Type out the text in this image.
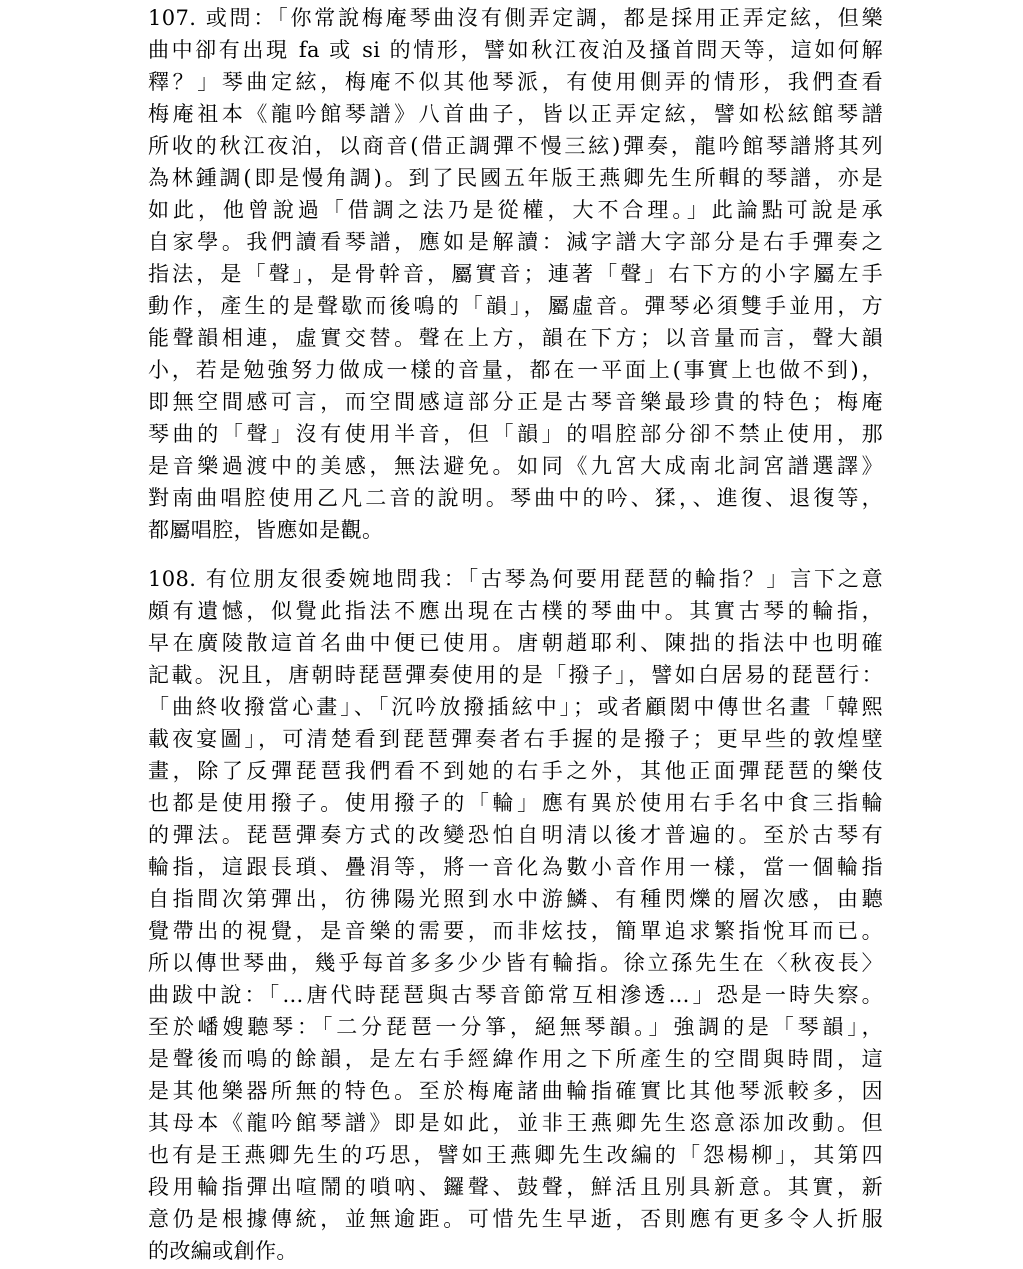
107. 或問：「你常說梅庵琴曲沒有側弄定調，都是採用正弄定絃，但樂
曲中卻有出現 fa 或 si 的情形，譬如秋江夜泊及搔首問天等，這如何解
釋？」琴曲定絃，梅庵不似其他琴派，有使用側弄的情形，我們查看
梅庵祖本《龍吟館琴譜》八首曲子，皆以正弄定絃，譬如松絃館琴譜
所收的秋江夜泊，以商音(借正調彈不慢三絃)彈奏，龍吟館琴譜將其列
為林鍾調(即是慢角調)。到了民國五年版王燕卿先生所輯的琴譜，亦是
如此，他曾說過「借調之法乃是從權，大不合理。」此論點可說是承
自家學。我們讀看琴譜，應如是解讀：減字譜大字部分是右手彈奏之
指法，是「聲」，是骨幹音，屬實音；連著「聲」右下方的小字屬左手
動作，產生的是聲歇而後鳴的「韻」，屬虛音。彈琴必須雙手並用，方
能聲韻相連，虛實交替。聲在上方，韻在下方；以音量而言，聲大韻
小，若是勉強努力做成一樣的音量，都在一平面上(事實上也做不到)，
即無空間感可言，而空間感這部分正是古琴音樂最珍貴的特色；梅庵
琴曲的「聲」沒有使用半音，但「韻」的唱腔部分卻不禁止使用，那
是音樂過渡中的美感，無法避免。如同《九宮大成南北詞宮譜選譯》
對南曲唱腔使用乙凡二音的說明。琴曲中的吟、猱，、進復、退復等，
都屬唱腔，皆應如是觀。
108. 有位朋友很委婉地問我：「古琴為何要用琵琶的輪指？」言下之意
頗有遺憾，似覺此指法不應出現在古樸的琴曲中。其實古琴的輪指，
早在廣陵散這首名曲中便已使用。唐朝趙耶利、陳拙的指法中也明確
記載。況且，唐朝時琵琶彈奏使用的是「撥子」，譬如白居易的琵琶行：
「曲終收撥當心畫」、「沉吟放撥插絃中」；或者顧閎中傳世名畫「韓熙
載夜宴圖」，可清楚看到琵琶彈奏者右手握的是撥子；更早些的敦煌壁
畫，除了反彈琵琶我們看不到她的右手之外，其他正面彈琵琶的樂伎
也都是使用撥子。使用撥子的「輪」應有異於使用右手名中食三指輪
的彈法。琵琶彈奏方式的改變恐怕自明清以後才普遍的。至於古琴有
輪指，這跟長瑣、疊涓等，將一音化為數小音作用一樣，當一個輪指
自指間次第彈出，彷彿陽光照到水中游鱗、有種閃爍的層次感，由聽
覺帶出的視覺，是音樂的需要，而非炫技，簡單追求繁指悅耳而已。
所以傳世琴曲，幾乎每首多多少少皆有輪指。徐立孫先生在〈秋夜長〉
曲跋中說：「…唐代時琵琶與古琴音節常互相滲透…」恐是一時失察。
至於嶓嫂聽琴：「二分琵琶一分箏，絕無琴韻。」強調的是「琴韻」，
是聲後而鳴的餘韻，是左右手經緯作用之下所產生的空間與時間，這
是其他樂器所無的特色。至於梅庵諸曲輪指確實比其他琴派較多，因
其母本《龍吟館琴譜》即是如此，並非王燕卿先生恣意添加改動。但
也有是王燕卿先生的巧思，譬如王燕卿先生改編的「怨楊柳」，其第四
段用輪指彈出喧鬧的嗩吶、鑼聲、鼓聲，鮮活且別具新意。其實，新
意仍是根據傳統，並無逾距。可惜先生早逝，否則應有更多令人折服
的改編或創作。
